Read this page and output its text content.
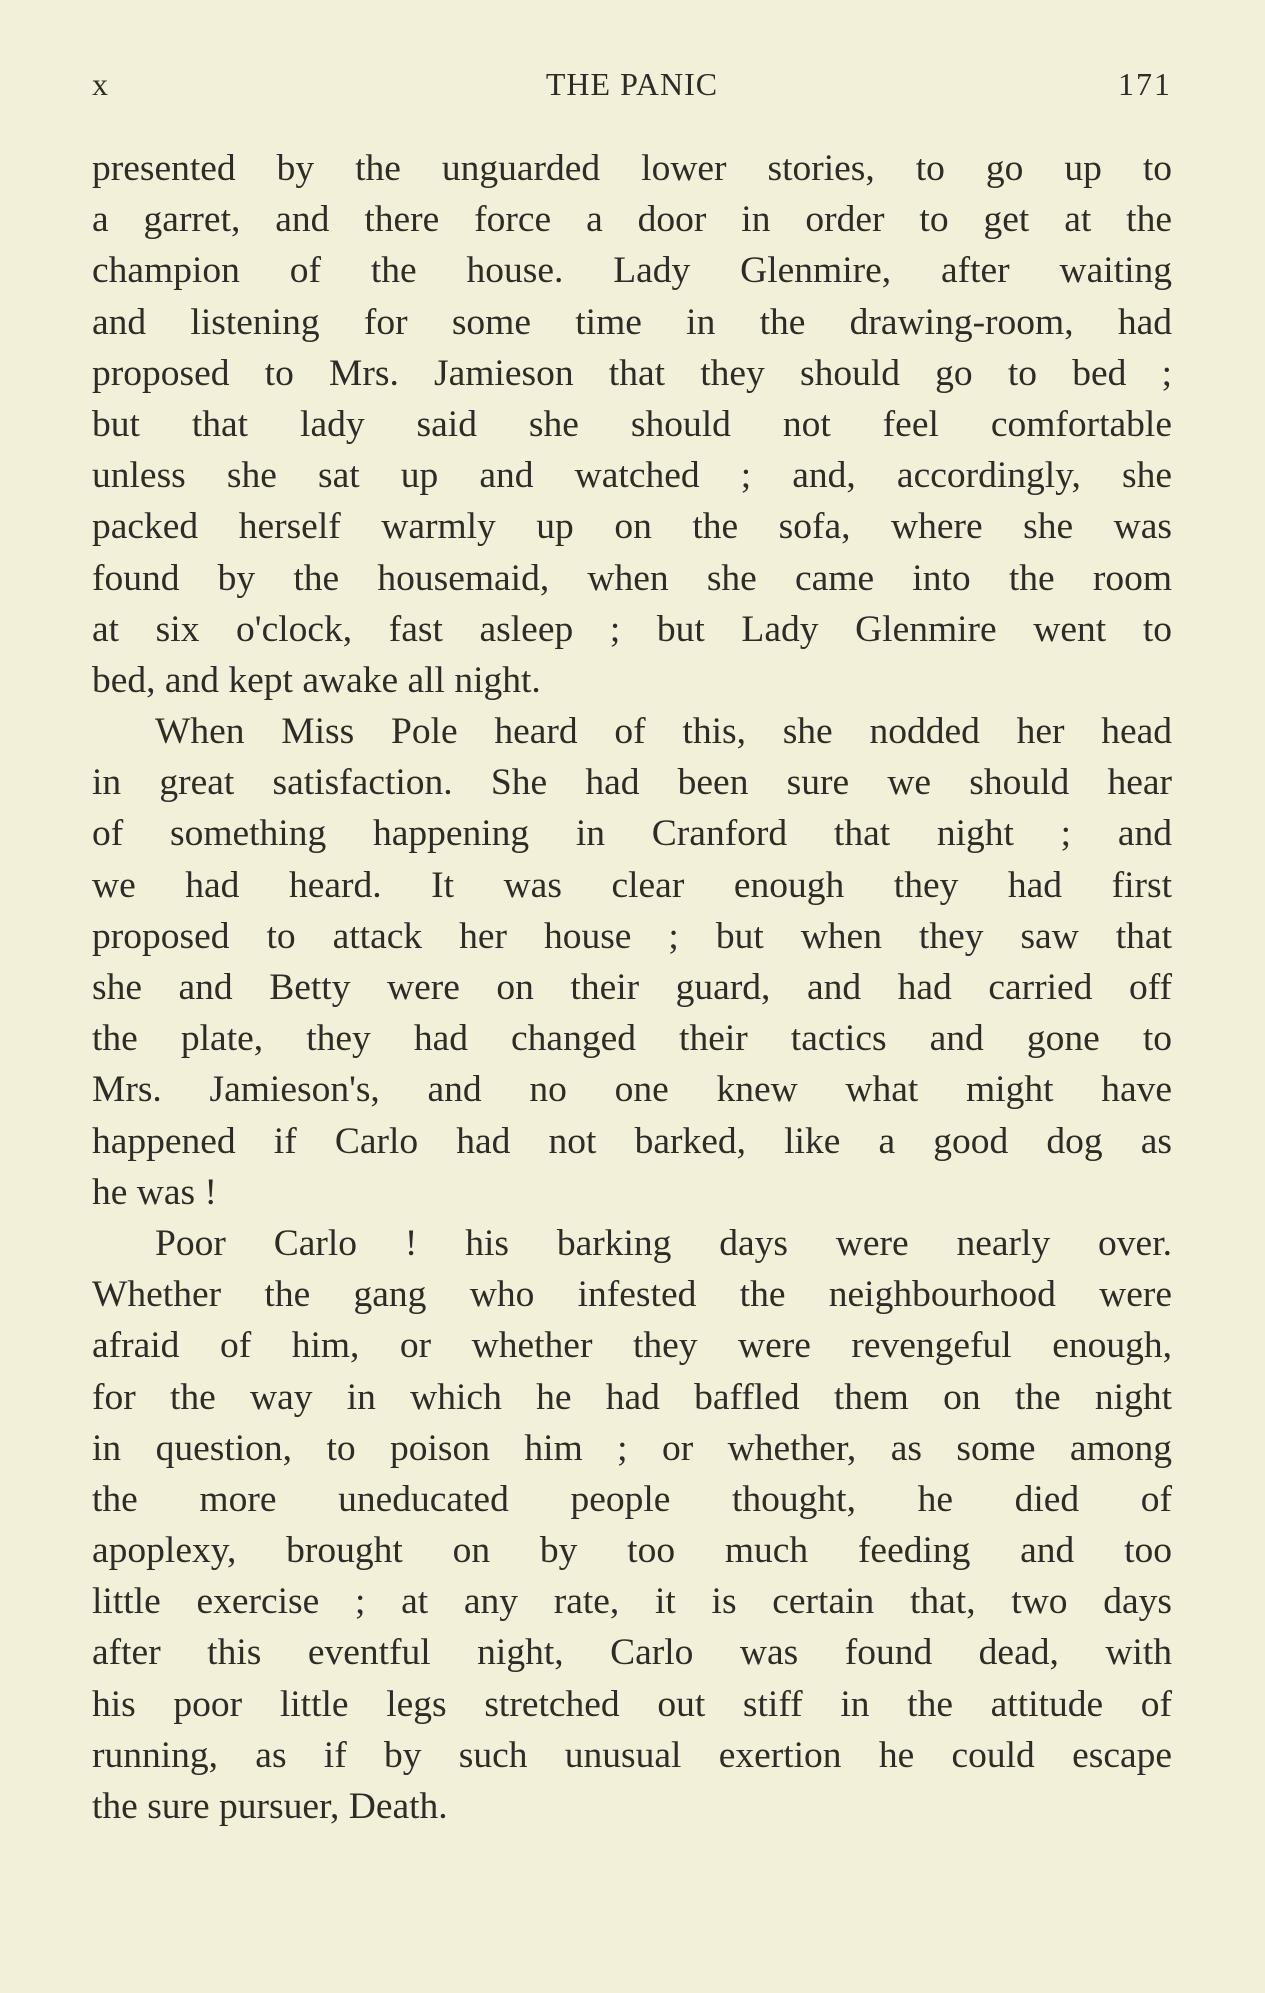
x	THE PANIC	171
presented by the unguarded lower stories, to go up to
a garret, and there force a door in order to get at the
champion of the house. Lady Glenmire, after waiting
and listening for some time in the drawing-room, had
proposed to Mrs. Jamieson that they should go to bed ;
but that lady said she should not feel comfortable
unless she sat up and watched ; and, accordingly, she
packed herself warmly up on the sofa, where she was
found by the housemaid, when she came into the room
at six o'clock, fast asleep ; but Lady Glenmire went to
bed, and kept awake all night.
When Miss Pole heard of this, she nodded her head
in great satisfaction. She had been sure we should hear
of something happening in Cranford that night ; and
we had heard. It was clear enough they had first
proposed to attack her house ; but when they saw that
she and Betty were on their guard, and had carried off
the plate, they had changed their tactics and gone to
Mrs. Jamieson's, and no one knew what might have
happened if Carlo had not barked, like a good dog as
he was !
Poor Carlo ! his barking days were nearly over.
Whether the gang who infested the neighbourhood were
afraid of him, or whether they were revengeful enough,
for the way in which he had baffled them on the night
in question, to poison him ; or whether, as some among
the more uneducated people thought, he died of
apoplexy, brought on by too much feeding and too
little exercise ; at any rate, it is certain that, two days
after this eventful night, Carlo was found dead, with
his poor little legs stretched out stiff in the attitude of
running, as if by such unusual exertion he could escape
the sure pursuer, Death.
